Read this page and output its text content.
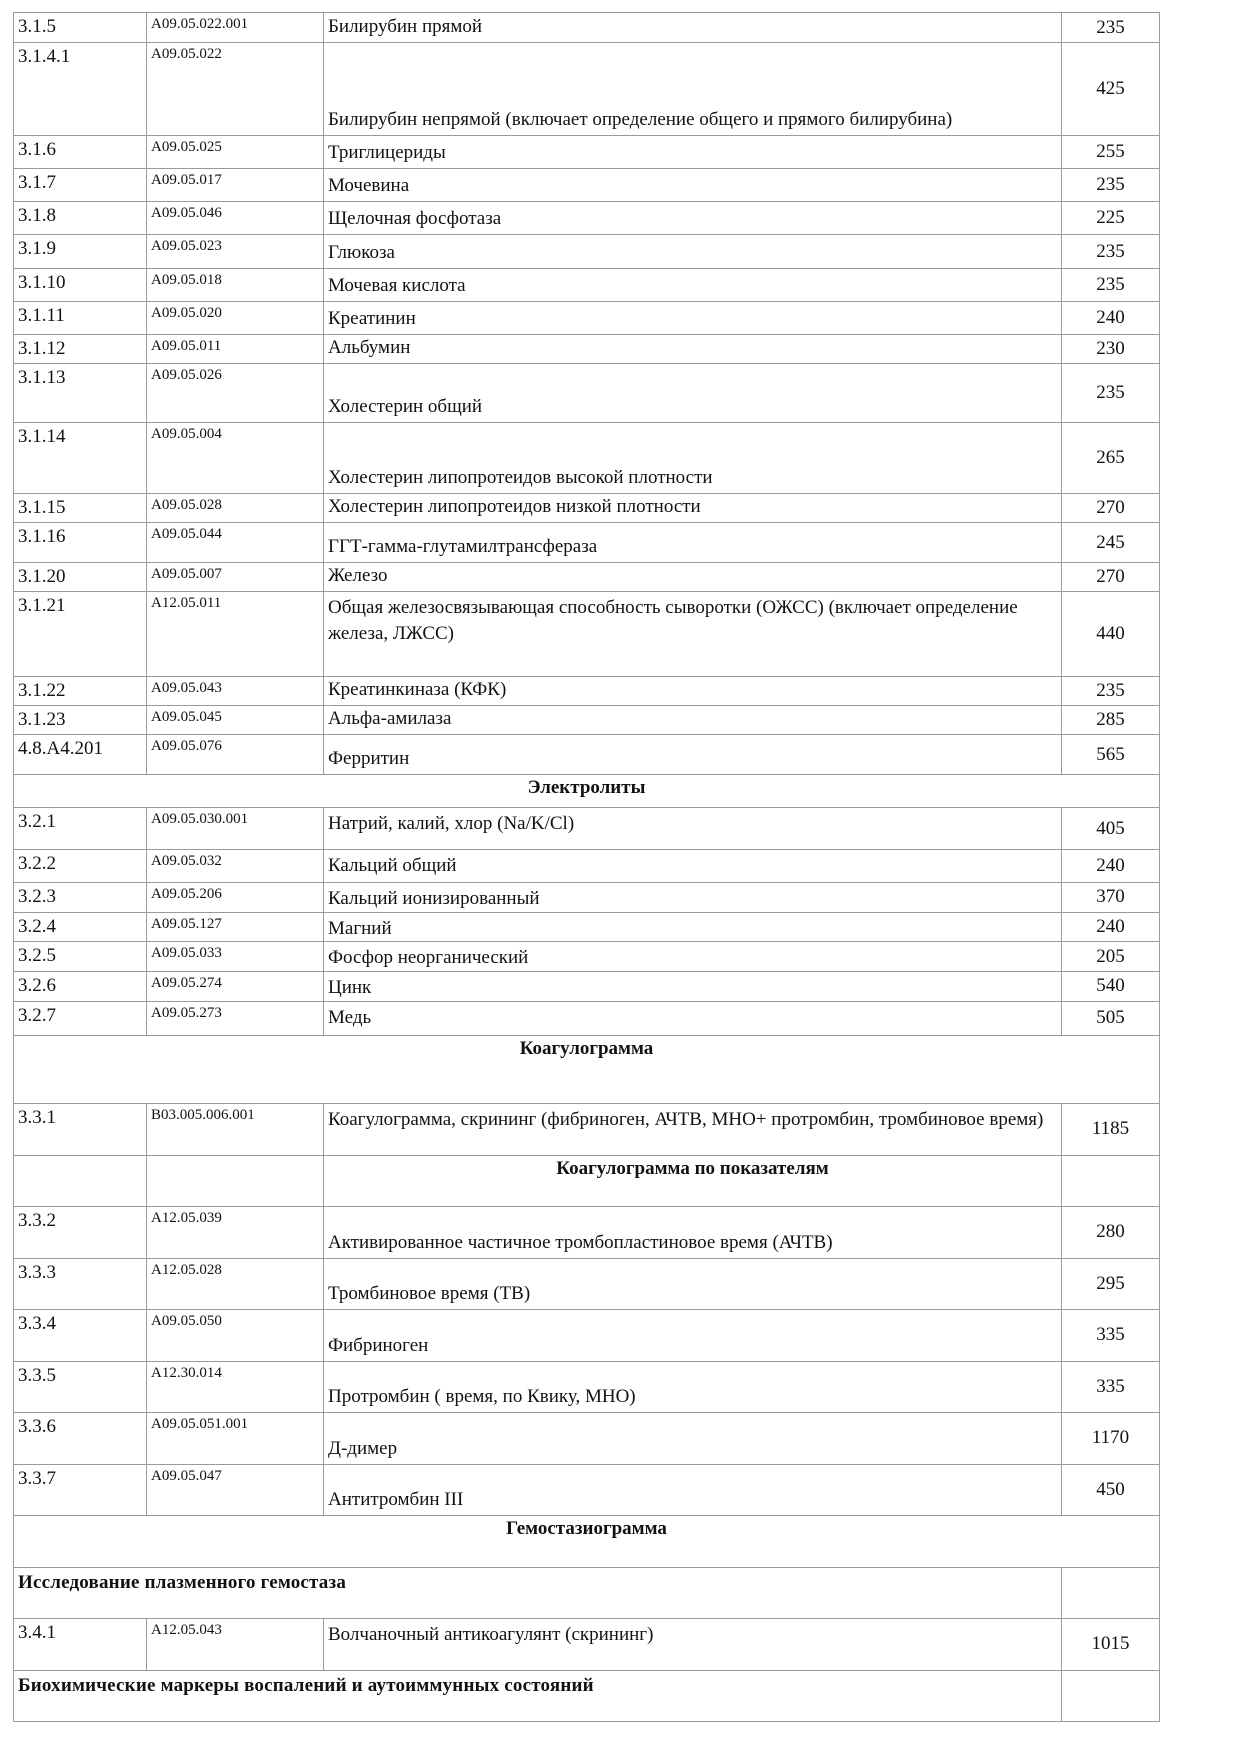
3.1.5	A09.05.022.001	Билирубин прямой	235
3.1.4.1	A09.05.022	Билирубин непрямой (включает определение общего и прямого билирубина)	425
3.1.6	A09.05.025	Триглицериды	255
3.1.7	A09.05.017	Мочевина	235
3.1.8	A09.05.046	Щелочная фосфотаза	225
3.1.9	A09.05.023	Глюкоза	235
3.1.10	A09.05.018	Мочевая кислота	235
3.1.11	A09.05.020	Креатинин	240
3.1.12	A09.05.011	Альбумин	230
3.1.13	A09.05.026	Холестерин общий	235
3.1.14	A09.05.004	Холестерин липопротеидов высокой плотности	265
3.1.15	A09.05.028	Холестерин липопротеидов низкой плотности	270
3.1.16	A09.05.044	ГГТ-гамма-глутамилтрансфераза	245
3.1.20	A09.05.007	Железо	270
3.1.21	A12.05.011	Общая железосвязывающая способность сыворотки (ОЖСС) (включает определение железа, ЛЖСС)	440
3.1.22	A09.05.043	Креатинкиназа (КФК)	235
3.1.23	A09.05.045	Альфа-амилаза	285
4.8.A4.201	A09.05.076	Ферритин	565
Электролиты			
3.2.1	A09.05.030.001	Натрий, калий, хлор (Na/K/Cl)	405
3.2.2	A09.05.032	Кальций общий	240
3.2.3	A09.05.206	Кальций ионизированный	370
3.2.4	A09.05.127	Магний	240
3.2.5	A09.05.033	Фосфор неорганический	205
3.2.6	A09.05.274	Цинк	540
3.2.7	A09.05.273	Медь	505
Коагулограмма			
3.3.1	B03.005.006.001	Коагулограмма, скрининг (фибриноген, АЧТВ, МНО+ протромбин, тромбиновое время)	1185
		Коагулограмма по показателям	
3.3.2	A12.05.039	Активированное частичное тромбопластиновое время (АЧТВ)	280
3.3.3	A12.05.028	Тромбиновое время (ТВ)	295
3.3.4	A09.05.050	Фибриноген	335
3.3.5	A12.30.014	Протромбин ( время, по Квику, МНО)	335
3.3.6	A09.05.051.001	Д-димер	1170
3.3.7	A09.05.047	Антитромбин III	450
Гемостазиограмма			
Исследование плазменного гемостаза			
3.4.1	A12.05.043	Волчаночный антикоагулянт (скрининг)	1015
Биохимические маркеры воспалений и аутоиммунных состояний			
